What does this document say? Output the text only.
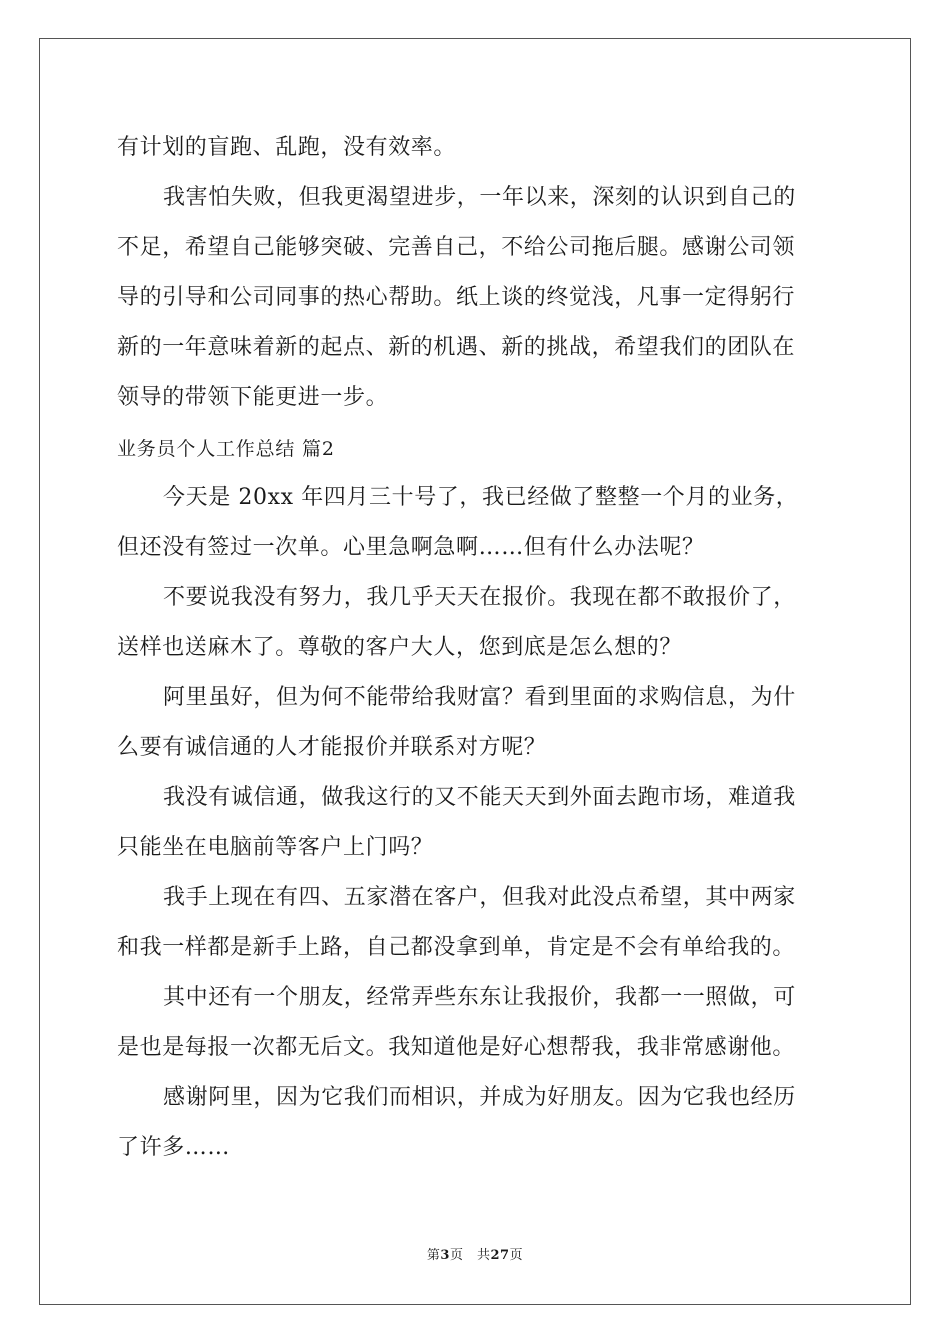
有计划的盲跑、乱跑，没有效率。
我害怕失败，但我更渴望进步，一年以来，深刻的认识到自己的
不足，希望自己能够突破、完善自己，不给公司拖后腿。感谢公司领
导的引导和公司同事的热心帮助。纸上谈的终觉浅，凡事一定得躬行
新的一年意味着新的起点、新的机遇、新的挑战，希望我们的团队在
领导的带领下能更进一步。
业务员个人工作总结 篇2
今天是 20xx 年四月三十号了，我已经做了整整一个月的业务，
但还没有签过一次单。心里急啊急啊……但有什么办法呢？
不要说我没有努力，我几乎天天在报价。我现在都不敢报价了，
送样也送麻木了。尊敬的客户大人，您到底是怎么想的？
阿里虽好，但为何不能带给我财富？看到里面的求购信息，为什
么要有诚信通的人才能报价并联系对方呢？
我没有诚信通，做我这行的又不能天天到外面去跑市场，难道我
只能坐在电脑前等客户上门吗？
我手上现在有四、五家潜在客户，但我对此没点希望，其中两家
和我一样都是新手上路，自己都没拿到单，肯定是不会有单给我的。
其中还有一个朋友，经常弄些东东让我报价，我都一一照做，可
是也是每报一次都无后文。我知道他是好心想帮我，我非常感谢他。
感谢阿里，因为它我们而相识，并成为好朋友。因为它我也经历
了许多……
第3页　共27页
